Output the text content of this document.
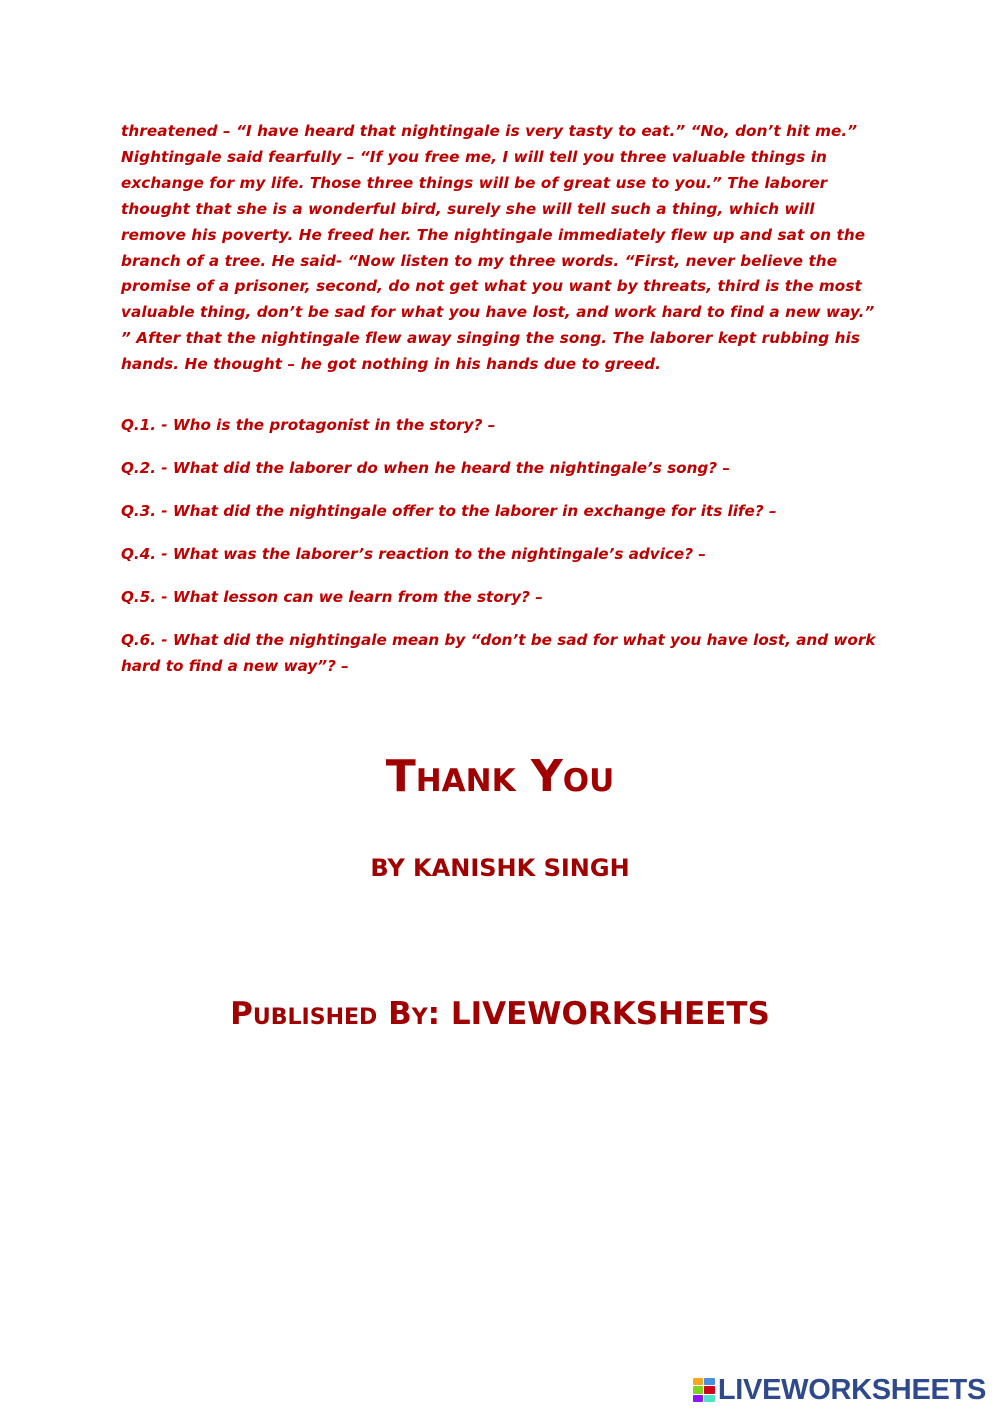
threatened – “I have heard that nightingale is very tasty to eat.” “No, don’t hit me.” Nightingale said fearfully – “If you free me, I will tell you three valuable things in exchange for my life. Those three things will be of great use to you.” The laborer thought that she is a wonderful bird, surely she will tell such a thing, which will remove his poverty. He freed her. The nightingale immediately flew up and sat on the branch of a tree. He said- “Now listen to my three words. “First, never believe the promise of a prisoner, second, do not get what you want by threats, third is the most valuable thing, don’t be sad for what you have lost, and work hard to find a new way.” ” After that the nightingale flew away singing the song. The laborer kept rubbing his hands. He thought – he got nothing in his hands due to greed.

Q.1. - Who is the protagonist in the story? –
Q.2. - What did the laborer do when he heard the nightingale’s song? –
Q.3. - What did the nightingale offer to the laborer in exchange for its life? –
Q.4. - What was the laborer’s reaction to the nightingale’s advice? –
Q.5. - What lesson can we learn from the story? –
Q.6. - What did the nightingale mean by “don’t be sad for what you have lost, and work hard to find a new way”? –
Thank You
BY KANISHK SINGH
Published By: LIVEWORKSHEETS
LIVEWORKSHEETS
